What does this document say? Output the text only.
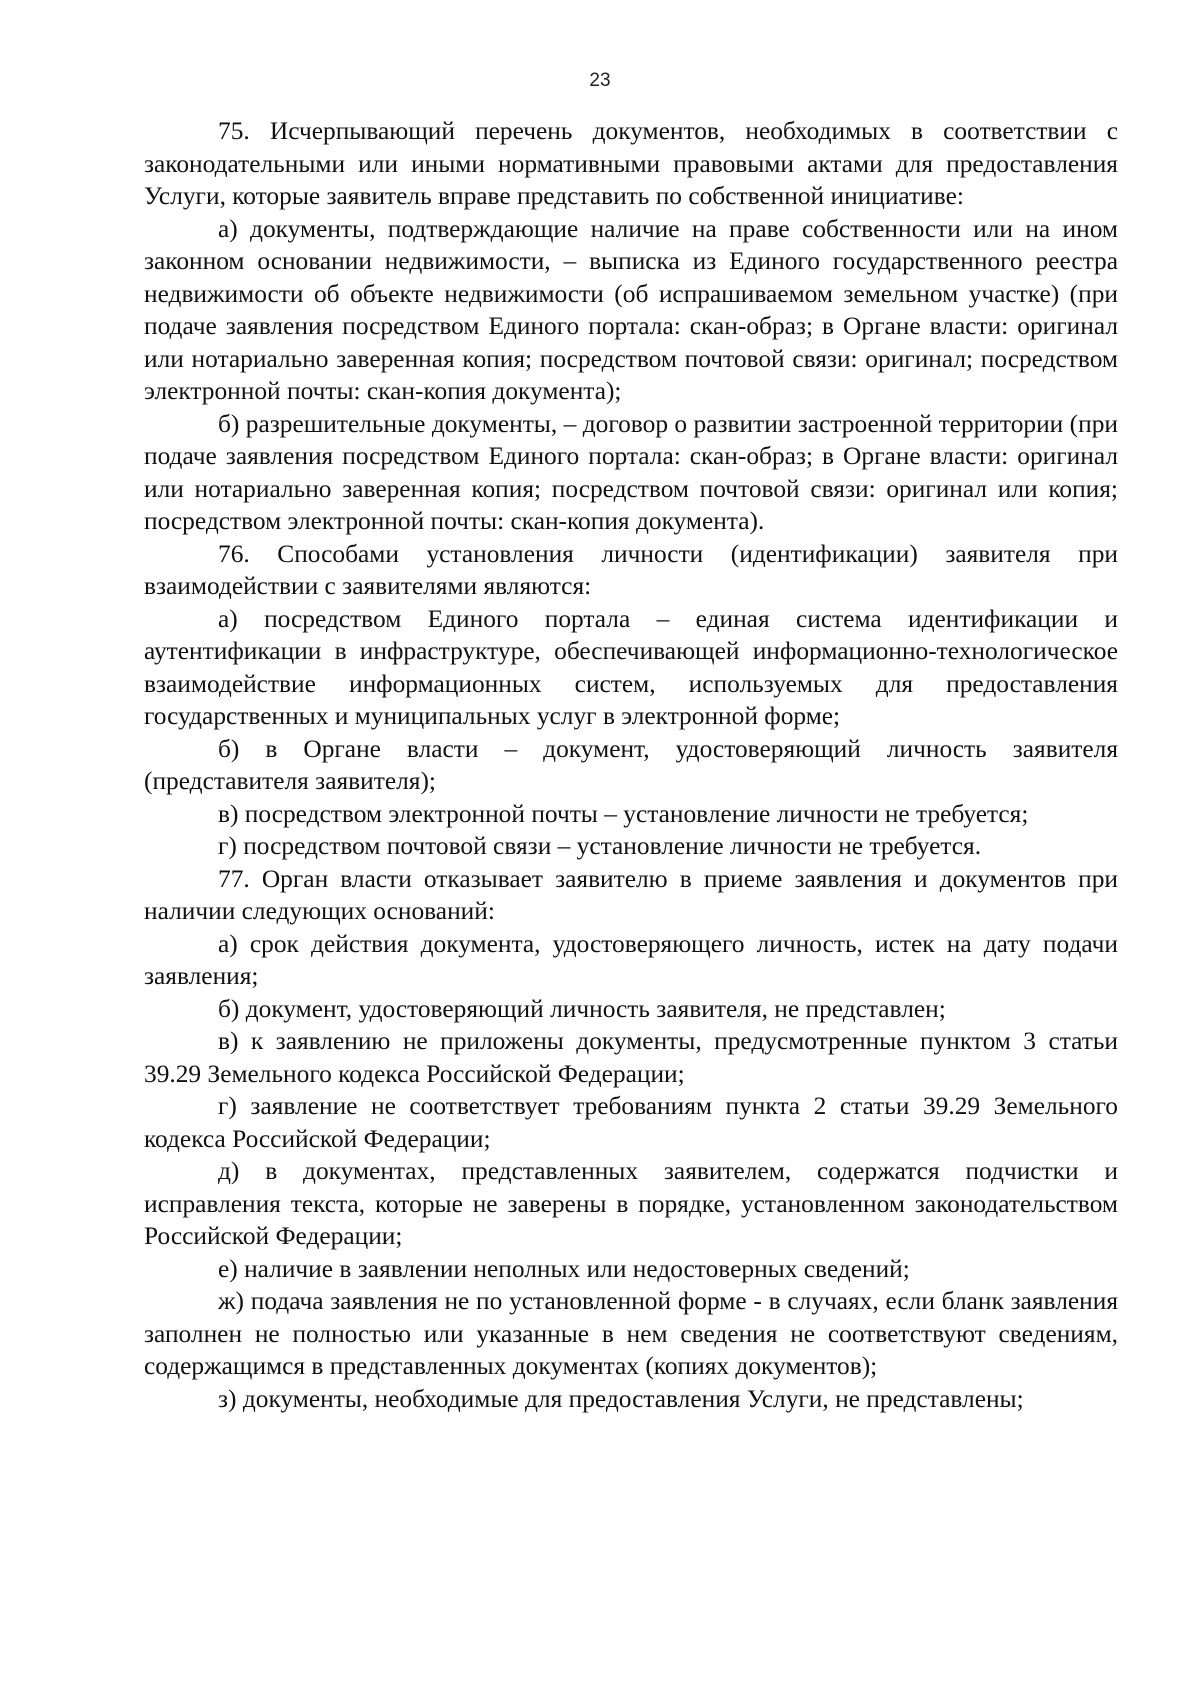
23

75. Исчерпывающий перечень документов, необходимых в соответствии с законодательными или иными нормативными правовыми актами для предоставления Услуги, которые заявитель вправе представить по собственной инициативе:

а) документы, подтверждающие наличие на праве собственности или на ином законном основании недвижимости, – выписка из Единого государственного реестра недвижимости об объекте недвижимости (об испрашиваемом земельном участке) (при подаче заявления посредством Единого портала: скан-образ; в Органе власти: оригинал или нотариально заверенная копия; посредством почтовой связи: оригинал; посредством электронной почты: скан-копия документа);

б) разрешительные документы, – договор о развитии застроенной территории (при подаче заявления посредством Единого портала: скан-образ; в Органе власти: оригинал или нотариально заверенная копия; посредством почтовой связи: оригинал или копия; посредством электронной почты: скан-копия документа).

76. Способами установления личности (идентификации) заявителя при взаимодействии с заявителями являются:

а) посредством Единого портала – единая система идентификации и аутентификации в инфраструктуре, обеспечивающей информационно-технологическое взаимодействие информационных систем, используемых для предоставления государственных и муниципальных услуг в электронной форме;

б) в Органе власти – документ, удостоверяющий личность заявителя (представителя заявителя);

в) посредством электронной почты – установление личности не требуется;

г) посредством почтовой связи – установление личности не требуется.

77. Орган власти отказывает заявителю в приеме заявления и документов при наличии следующих оснований:

а) срок действия документа, удостоверяющего личность, истек на дату подачи заявления;

б) документ, удостоверяющий личность заявителя, не представлен;

в) к заявлению не приложены документы, предусмотренные пунктом 3 статьи 39.29 Земельного кодекса Российской Федерации;

г) заявление не соответствует требованиям пункта 2 статьи 39.29 Земельного кодекса Российской Федерации;

д) в документах, представленных заявителем, содержатся подчистки и исправления текста, которые не заверены в порядке, установленном законодательством Российской Федерации;

е) наличие в заявлении неполных или недостоверных сведений;

ж) подача заявления не по установленной форме - в случаях, если бланк заявления заполнен не полностью или указанные в нем сведения не соответствуют сведениям, содержащимся в представленных документах (копиях документов);

з) документы, необходимые для предоставления Услуги, не представлены;
